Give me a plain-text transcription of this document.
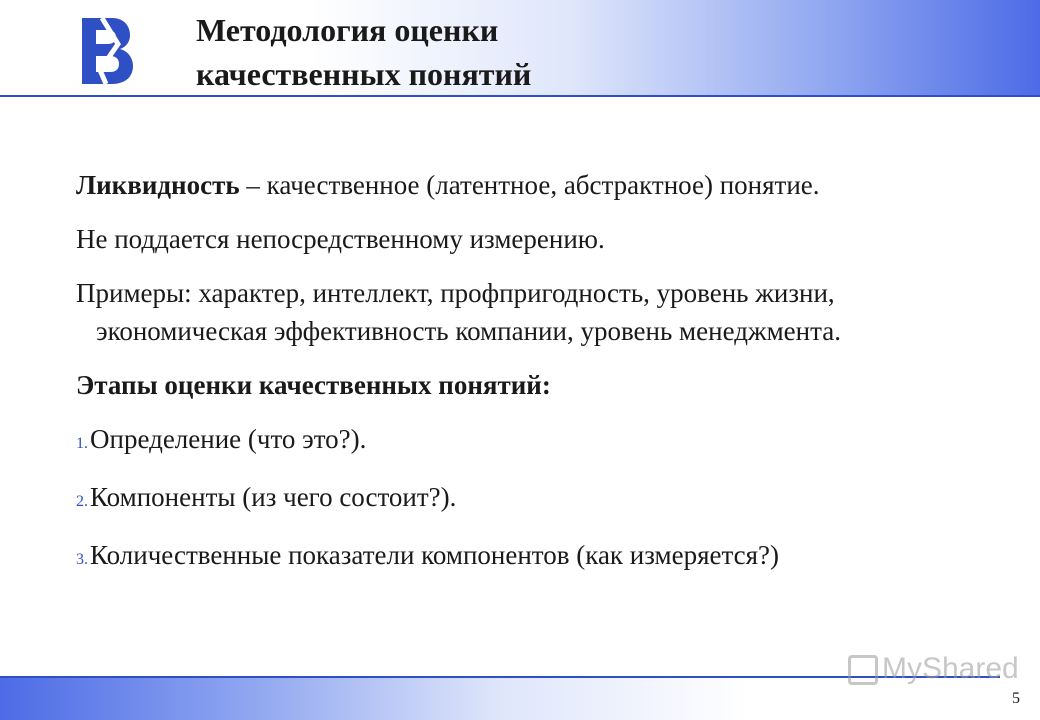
Методология оценки
качественных понятий
Ликвидность – качественное (латентное, абстрактное) понятие.
Не поддается непосредственному измерению.
Примеры: характер, интеллект, профпригодность, уровень жизни, экономическая эффективность компании, уровень менеджмента.
Этапы оценки качественных понятий:
1.Определение (что это?).
2.Компоненты (из чего состоит?).
3.Количественные показатели компонентов (как измеряется?)
MyShared
5
